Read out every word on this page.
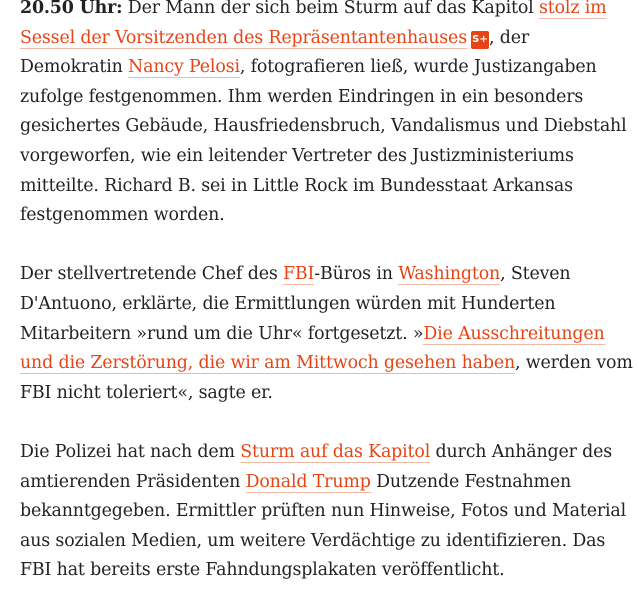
20.50 Uhr: Der Mann der sich beim Sturm auf das Kapitol stolz im Sessel der Vorsitzenden des Repräsentantenhauses S+, der Demokratin Nancy Pelosi, fotografieren ließ, wurde Justizangaben zufolge festgenommen. Ihm werden Eindringen in ein besonders gesichertes Gebäude, Hausfriedensbruch, Vandalismus und Diebstahl vorgeworfen, wie ein leitender Vertreter des Justizministeriums mitteilte. Richard B. sei in Little Rock im Bundesstaat Arkansas festgenommen worden.

Der stellvertretende Chef des FBI-Büros in Washington, Steven D'Antuono, erklärte, die Ermittlungen würden mit Hunderten Mitarbeitern »rund um die Uhr« fortgesetzt. »Die Ausschreitungen und die Zerstörung, die wir am Mittwoch gesehen haben, werden vom FBI nicht toleriert«, sagte er.

Die Polizei hat nach dem Sturm auf das Kapitol durch Anhänger des amtierenden Präsidenten Donald Trump Dutzende Festnahmen bekanntgegeben. Ermittler prüften nun Hinweise, Fotos und Material aus sozialen Medien, um weitere Verdächtige zu identifizieren. Das FBI hat bereits erste Fahndungsplakaten veröffentlicht.
